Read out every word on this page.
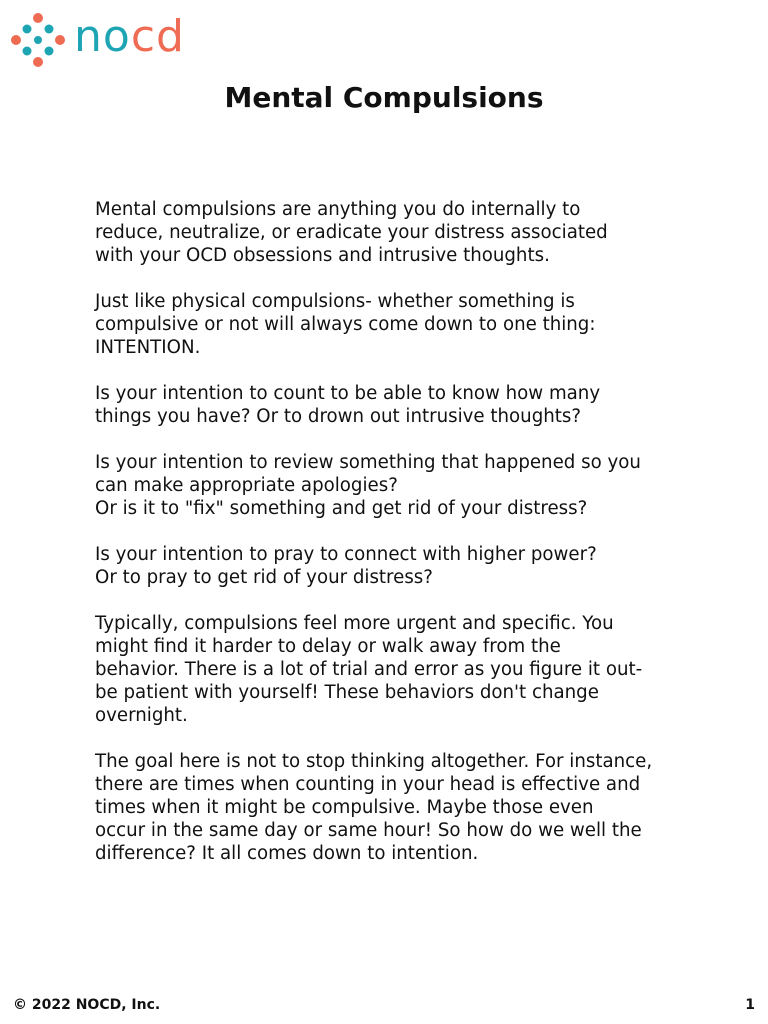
nocd
Mental Compulsions

Mental compulsions are anything you do internally to
reduce, neutralize, or eradicate your distress associated
with your OCD obsessions and intrusive thoughts.

Just like physical compulsions- whether something is
compulsive or not will always come down to one thing:
INTENTION.

Is your intention to count to be able to know how many
things you have? Or to drown out intrusive thoughts?

Is your intention to review something that happened so you
can make appropriate apologies?
Or is it to "fix" something and get rid of your distress?

Is your intention to pray to connect with higher power?
Or to pray to get rid of your distress?

Typically, compulsions feel more urgent and specific. You
might find it harder to delay or walk away from the
behavior. There is a lot of trial and error as you figure it out-
be patient with yourself! These behaviors don't change
overnight.

The goal here is not to stop thinking altogether. For instance,
there are times when counting in your head is effective and
times when it might be compulsive. Maybe those even
occur in the same day or same hour! So how do we well the
difference? It all comes down to intention.

© 2022 NOCD, Inc.	1
